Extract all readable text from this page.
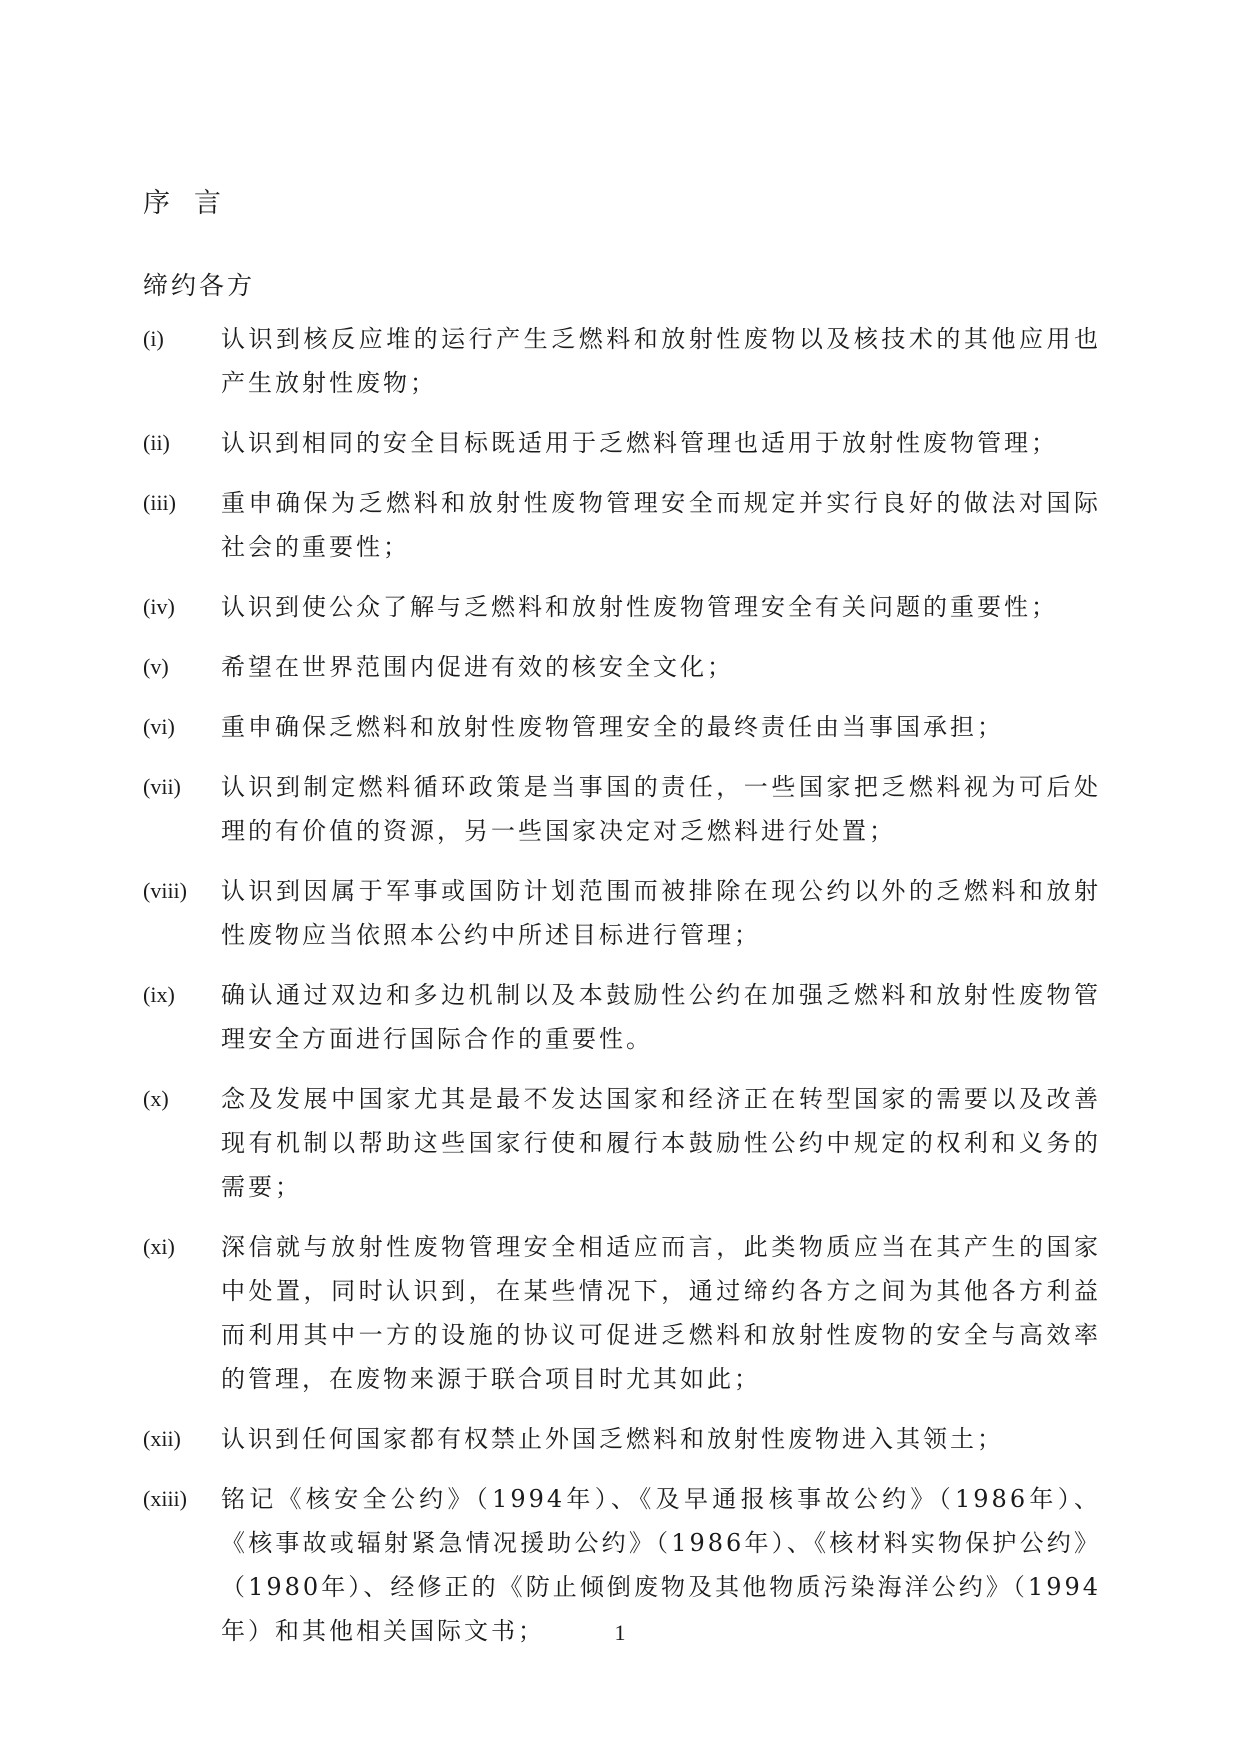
序言
缔约各方
(i)	认识到核反应堆的运行产生乏燃料和放射性废物以及核技术的其他应用也产生放射性废物；
(ii)	认识到相同的安全目标既适用于乏燃料管理也适用于放射性废物管理；
(iii)	重申确保为乏燃料和放射性废物管理安全而规定并实行良好的做法对国际社会的重要性；
(iv)	认识到使公众了解与乏燃料和放射性废物管理安全有关问题的重要性；
(v)	希望在世界范围内促进有效的核安全文化；
(vi)	重申确保乏燃料和放射性废物管理安全的最终责任由当事国承担；
(vii)	认识到制定燃料循环政策是当事国的责任，一些国家把乏燃料视为可后处理的有价值的资源，另一些国家决定对乏燃料进行处置；
(viii)	认识到因属于军事或国防计划范围而被排除在现公约以外的乏燃料和放射性废物应当依照本公约中所述目标进行管理；
(ix)	确认通过双边和多边机制以及本鼓励性公约在加强乏燃料和放射性废物管理安全方面进行国际合作的重要性。
(x)	念及发展中国家尤其是最不发达国家和经济正在转型国家的需要以及改善现有机制以帮助这些国家行使和履行本鼓励性公约中规定的权利和义务的需要；
(xi)	深信就与放射性废物管理安全相适应而言，此类物质应当在其产生的国家中处置，同时认识到，在某些情况下，通过缔约各方之间为其他各方利益而利用其中一方的设施的协议可促进乏燃料和放射性废物的安全与高效率的管理，在废物来源于联合项目时尤其如此；
(xii)	认识到任何国家都有权禁止外国乏燃料和放射性废物进入其领土；
(xiii)	铭记《核安全公约》（1994年）、《及早通报核事故公约》（1986年）、《核事故或辐射紧急情况援助公约》（1986年）、《核材料实物保护公约》（1980年）、经修正的《防止倾倒废物及其他物质污染海洋公约》（1994年）和其他相关国际文书；	1
